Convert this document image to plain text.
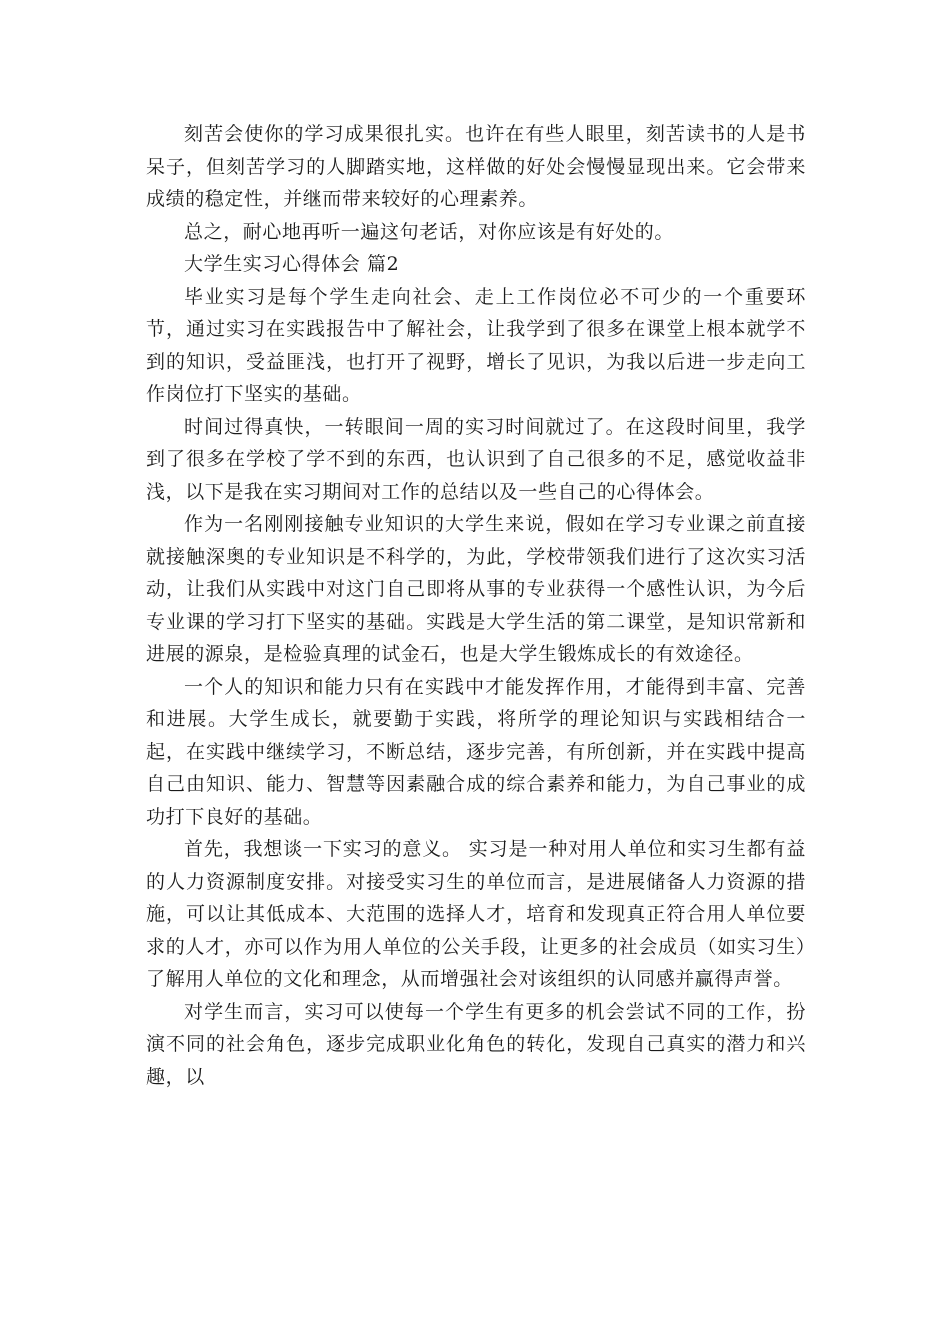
刻苦会使你的学习成果很扎实。也许在有些人眼里，刻苦读书的人是书呆子，但刻苦学习的人脚踏实地，这样做的好处会慢慢显现出来。它会带来成绩的稳定性，并继而带来较好的心理素养。

总之，耐心地再听一遍这句老话，对你应该是有好处的。

大学生实习心得体会 篇2

毕业实习是每个学生走向社会、走上工作岗位必不可少的一个重要环节，通过实习在实践报告中了解社会，让我学到了很多在课堂上根本就学不到的知识，受益匪浅，也打开了视野，增长了见识，为我以后进一步走向工作岗位打下坚实的基础。

时间过得真快，一转眼间一周的实习时间就过了。在这段时间里，我学到了很多在学校了学不到的东西，也认识到了自己很多的不足，感觉收益非浅，以下是我在实习期间对工作的总结以及一些自己的心得体会。

作为一名刚刚接触专业知识的大学生来说，假如在学习专业课之前直接就接触深奥的专业知识是不科学的，为此，学校带领我们进行了这次实习活动，让我们从实践中对这门自己即将从事的专业获得一个感性认识，为今后专业课的学习打下坚实的基础。实践是大学生活的第二课堂，是知识常新和进展的源泉，是检验真理的试金石，也是大学生锻炼成长的有效途径。

一个人的知识和能力只有在实践中才能发挥作用，才能得到丰富、完善和进展。大学生成长，就要勤于实践，将所学的理论知识与实践相结合一起，在实践中继续学习，不断总结，逐步完善，有所创新，并在实践中提高自己由知识、能力、智慧等因素融合成的综合素养和能力，为自己事业的成功打下良好的基础。

首先，我想谈一下实习的意义。 实习是一种对用人单位和实习生都有益的人力资源制度安排。对接受实习生的单位而言，是进展储备人力资源的措施，可以让其低成本、大范围的选择人才，培育和发现真正符合用人单位要求的人才，亦可以作为用人单位的公关手段，让更多的社会成员（如实习生）了解用人单位的文化和理念，从而增强社会对该组织的认同感并赢得声誉。

对学生而言，实习可以使每一个学生有更多的机会尝试不同的工作，扮演不同的社会角色，逐步完成职业化角色的转化，发现自己真实的潜力和兴趣，以
